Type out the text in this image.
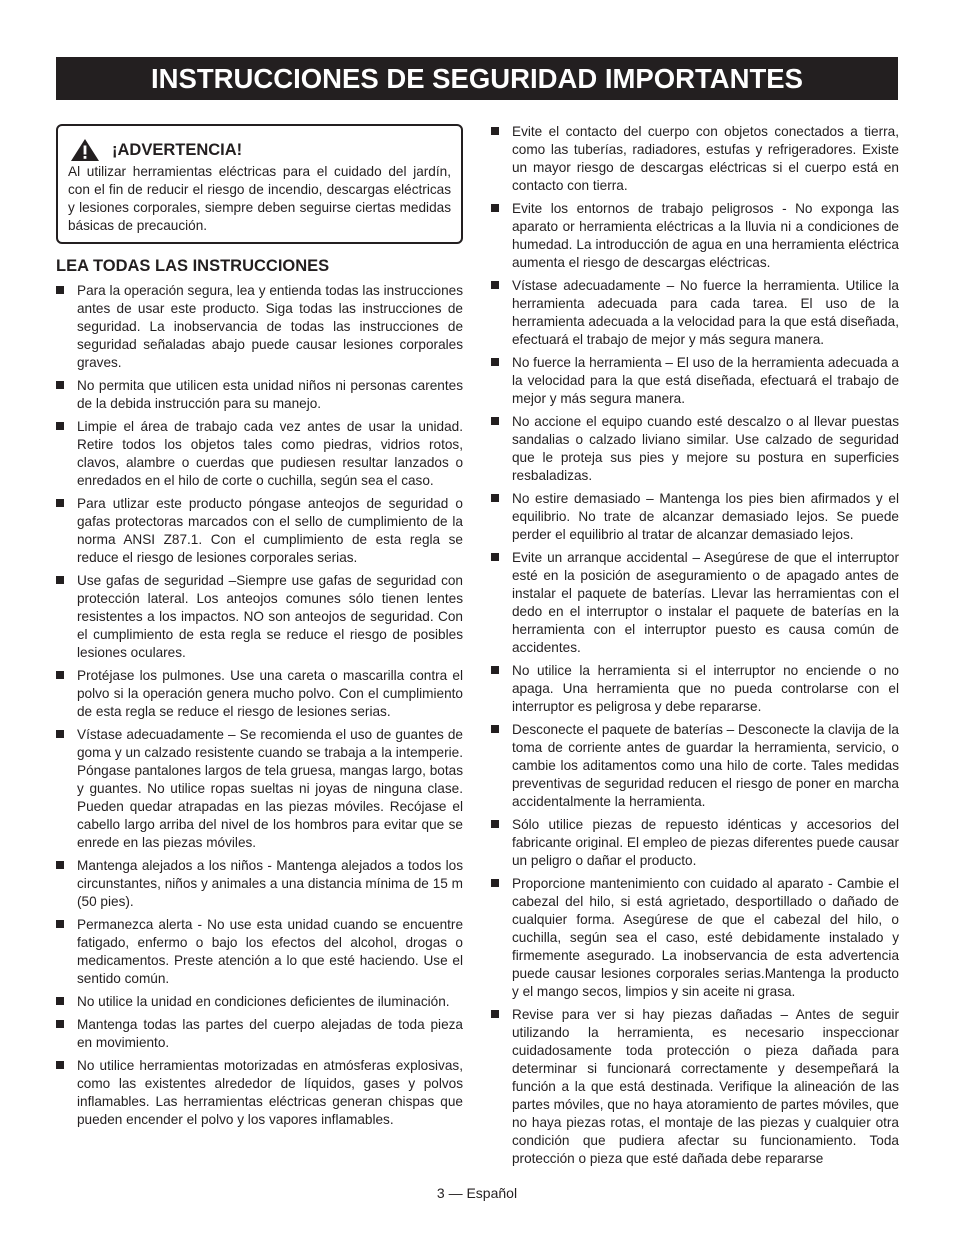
INSTRUCCIONES DE SEGURIDAD IMPORTANTES
¡ADVERTENCIA!
Al utilizar herramientas eléctricas para el cuidado del jardín, con el fin de reducir el riesgo de incendio, descargas eléctricas y lesiones corporales, siempre deben seguirse ciertas medidas básicas de precaución.
LEA TODAS LAS INSTRUCCIONES
Para la operación segura, lea y entienda todas las instrucciones antes de usar este producto. Siga todas las instrucciones de seguridad. La inobservancia de todas las instrucciones de seguridad señaladas abajo puede causar lesiones corporales graves.
No permita que utilicen esta unidad niños ni personas carentes de la debida instrucción para su manejo.
Limpie el área de trabajo cada vez antes de usar la unidad. Retire todos los objetos tales como piedras, vidrios rotos, clavos, alambre o cuerdas que pudiesen resultar lanzados o enredados en el hilo de corte o cuchilla, según sea el caso.
Para utlizar este producto póngase anteojos de seguridad o gafas protectoras marcados con el sello de cumplimiento de la norma ANSI Z87.1. Con el cumplimiento de esta regla se reduce el riesgo de lesiones corporales serias.
Use gafas de seguridad –Siempre use gafas de seguridad con protección lateral. Los anteojos comunes sólo tienen lentes resistentes a los impactos. NO son anteojos de seguridad. Con el cumplimiento de esta regla se reduce el riesgo de posibles lesiones oculares.
Protéjase los pulmones. Use una careta o mascarilla contra el polvo si la operación genera mucho polvo. Con el cumplimiento de esta regla se reduce el riesgo de lesiones serias.
Vístase adecuadamente – Se recomienda el uso de guantes de goma y un calzado resistente cuando se trabaja a la intemperie. Póngase pantalones largos de tela gruesa, mangas largo, botas y guantes. No utilice ropas sueltas ni joyas de ninguna clase. Pueden quedar atrapadas en las piezas móviles. Recójase el cabello largo arriba del nivel de los hombros para evitar que se enrede en las piezas móviles.
Mantenga alejados a los niños - Mantenga alejados a todos los circunstantes, niños y animales a una distancia mínima de 15 m (50 pies).
Permanezca alerta - No use esta unidad cuando se encuentre fatigado, enfermo o bajo los efectos del alcohol, drogas o medicamentos. Preste atención a lo que esté haciendo. Use el sentido común.
No utilice la unidad en condiciones deficientes de iluminación.
Mantenga todas las partes del cuerpo alejadas de toda pieza en movimiento.
No utilice herramientas motorizadas en atmósferas explosivas, como las existentes alrededor de líquidos, gases y polvos inflamables. Las herramientas eléctricas generan chispas que pueden encender el polvo y los vapores inflamables.
Evite el contacto del cuerpo con objetos conectados a tierra, como las tuberías, radiadores, estufas y refrigeradores. Existe un mayor riesgo de descargas eléctricas si el cuerpo está en contacto con tierra.
Evite los entornos de trabajo peligrosos - No exponga las aparato or herramienta eléctricas a la lluvia ni a condiciones de humedad. La introducción de agua en una herramienta eléctrica aumenta el riesgo de descargas eléctricas.
Vístase adecuadamente – No fuerce la herramienta. Utilice la herramienta adecuada para cada tarea. El uso de la herramienta adecuada a la velocidad para la que está diseñada, efectuará el trabajo de mejor y más segura manera.
No fuerce la herramienta – El uso de la herramienta adecuada a la velocidad para la que está diseñada, efectuará el trabajo de mejor y más segura manera.
No accione el equipo cuando esté descalzo o al llevar puestas sandalias o calzado liviano similar. Use calzado de seguridad que le proteja sus pies y mejore su postura en superficies resbaladizas.
No estire demasiado – Mantenga los pies bien afirmados y el equilibrio. No trate de alcanzar demasiado lejos. Se puede perder el equilibrio al tratar de alcanzar demasiado lejos.
Evite un arranque accidental – Asegúrese de que el interruptor esté en la posición de aseguramiento o de apagado antes de instalar el paquete de baterías. Llevar las herramientas con el dedo en el interruptor o instalar el paquete de baterías en la herramienta con el interruptor puesto es causa común de accidentes.
No utilice la herramienta si el interruptor no enciende o no apaga. Una herramienta que no pueda controlarse con el interruptor es peligrosa y debe repararse.
Desconecte el paquete de baterías – Desconecte la clavija de la toma de corriente antes de guardar la herramienta, servicio, o cambie los aditamentos como una hilo de corte. Tales medidas preventivas de seguridad reducen el riesgo de poner en marcha accidentalmente la herramienta.
Sólo utilice piezas de repuesto idénticas y accesorios del fabricante original. El empleo de piezas diferentes puede causar un peligro o dañar el producto.
Proporcione mantenimiento con cuidado al aparato - Cambie el cabezal del hilo, si está agrietado, desportillado o dañado de cualquier forma. Asegúrese de que el cabezal del hilo, o cuchilla, según sea el caso, esté debidamente instalado y firmemente asegurado. La inobservancia de esta advertencia puede causar lesiones corporales serias.Mantenga la producto y el mango secos, limpios y sin aceite ni grasa.
Revise para ver si hay piezas dañadas – Antes de seguir utilizando la herramienta, es necesario inspeccionar cuidadosamente toda protección o pieza dañada para determinar si funcionará correctamente y desempeñará la función a la que está destinada. Verifique la alineación de las partes móviles, que no haya atoramiento de partes móviles, que no haya piezas rotas, el montaje de las piezas y cualquier otra condición que pudiera afectar su funcionamiento. Toda protección o pieza que esté dañada debe repararse
3 — Español
